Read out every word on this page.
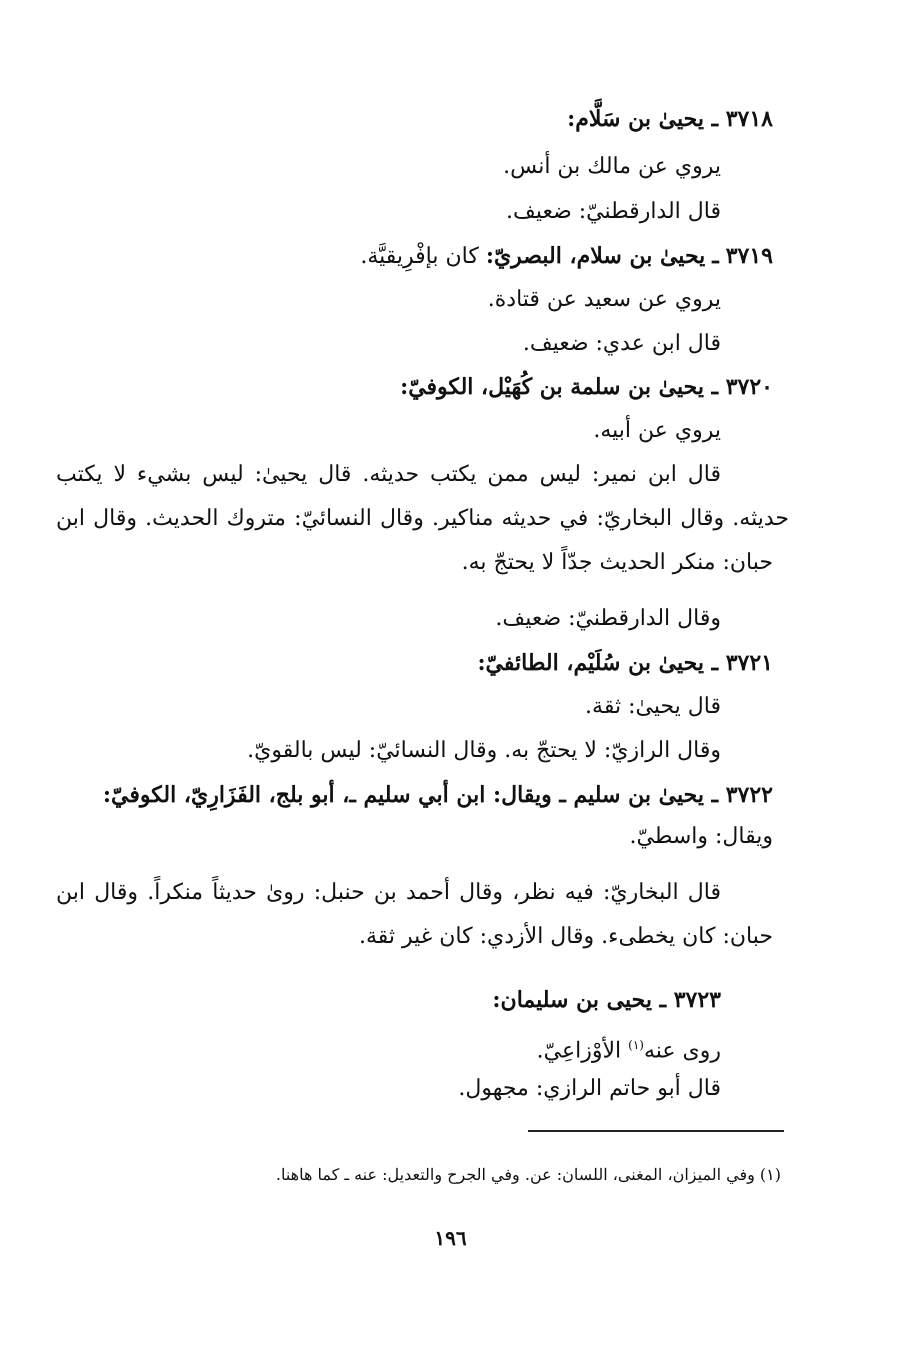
٣٧١٨ ـ يحيىٰ بن سَلَّام:

يروي عن مالك بن أنس.

قال الدارقطنيّ: ضعيف.

٣٧١٩ ـ يحيىٰ بن سلام، البصريّ: كان بإفْرِيقيَّة.

يروي عن سعيد عن قتادة.

قال ابن عدي: ضعيف.

٣٧٢٠ ـ يحيىٰ بن سلمة بن كُهَيْل، الكوفيّ:

يروي عن أبيه.

قال ابن نمير: ليس ممن يكتب حديثه. قال يحيىٰ: ليس بشيء لا يكتب

حديثه. وقال البخاريّ: في حديثه مناكير. وقال النسائيّ: متروك الحديث. وقال ابن

حبان: منكر الحديث جدّاً لا يحتجّ به.

وقال الدارقطنيّ: ضعيف.

٣٧٢١ ـ يحيىٰ بن سُلَيْم، الطائفيّ:

قال يحيىٰ: ثقة.

وقال الرازيّ: لا يحتجّ به. وقال النسائيّ: ليس بالقويّ.

٣٧٢٢ ـ يحيىٰ بن سليم ـ ويقال: ابن أبي سليم ـ، أبو بلج، الفَزَارِيّ، الكوفيّ:

ويقال: واسطيّ.

قال البخاريّ: فيه نظر، وقال أحمد بن حنبل: روىٰ حديثاً منكراً. وقال ابن

حبان: كان يخطىء. وقال الأزدي: كان غير ثقة.

٣٧٢٣ ـ يحيى بن سليمان:

روى عنه$^{(١)}$ الأوْزاعِيّ.

قال أبو حاتم الرازي: مجهول.

(١) وفي الميزان، المغنى، اللسان: عن. وفي الجرح والتعديل: عنه ـ كما هاهنا.

١٩٦
